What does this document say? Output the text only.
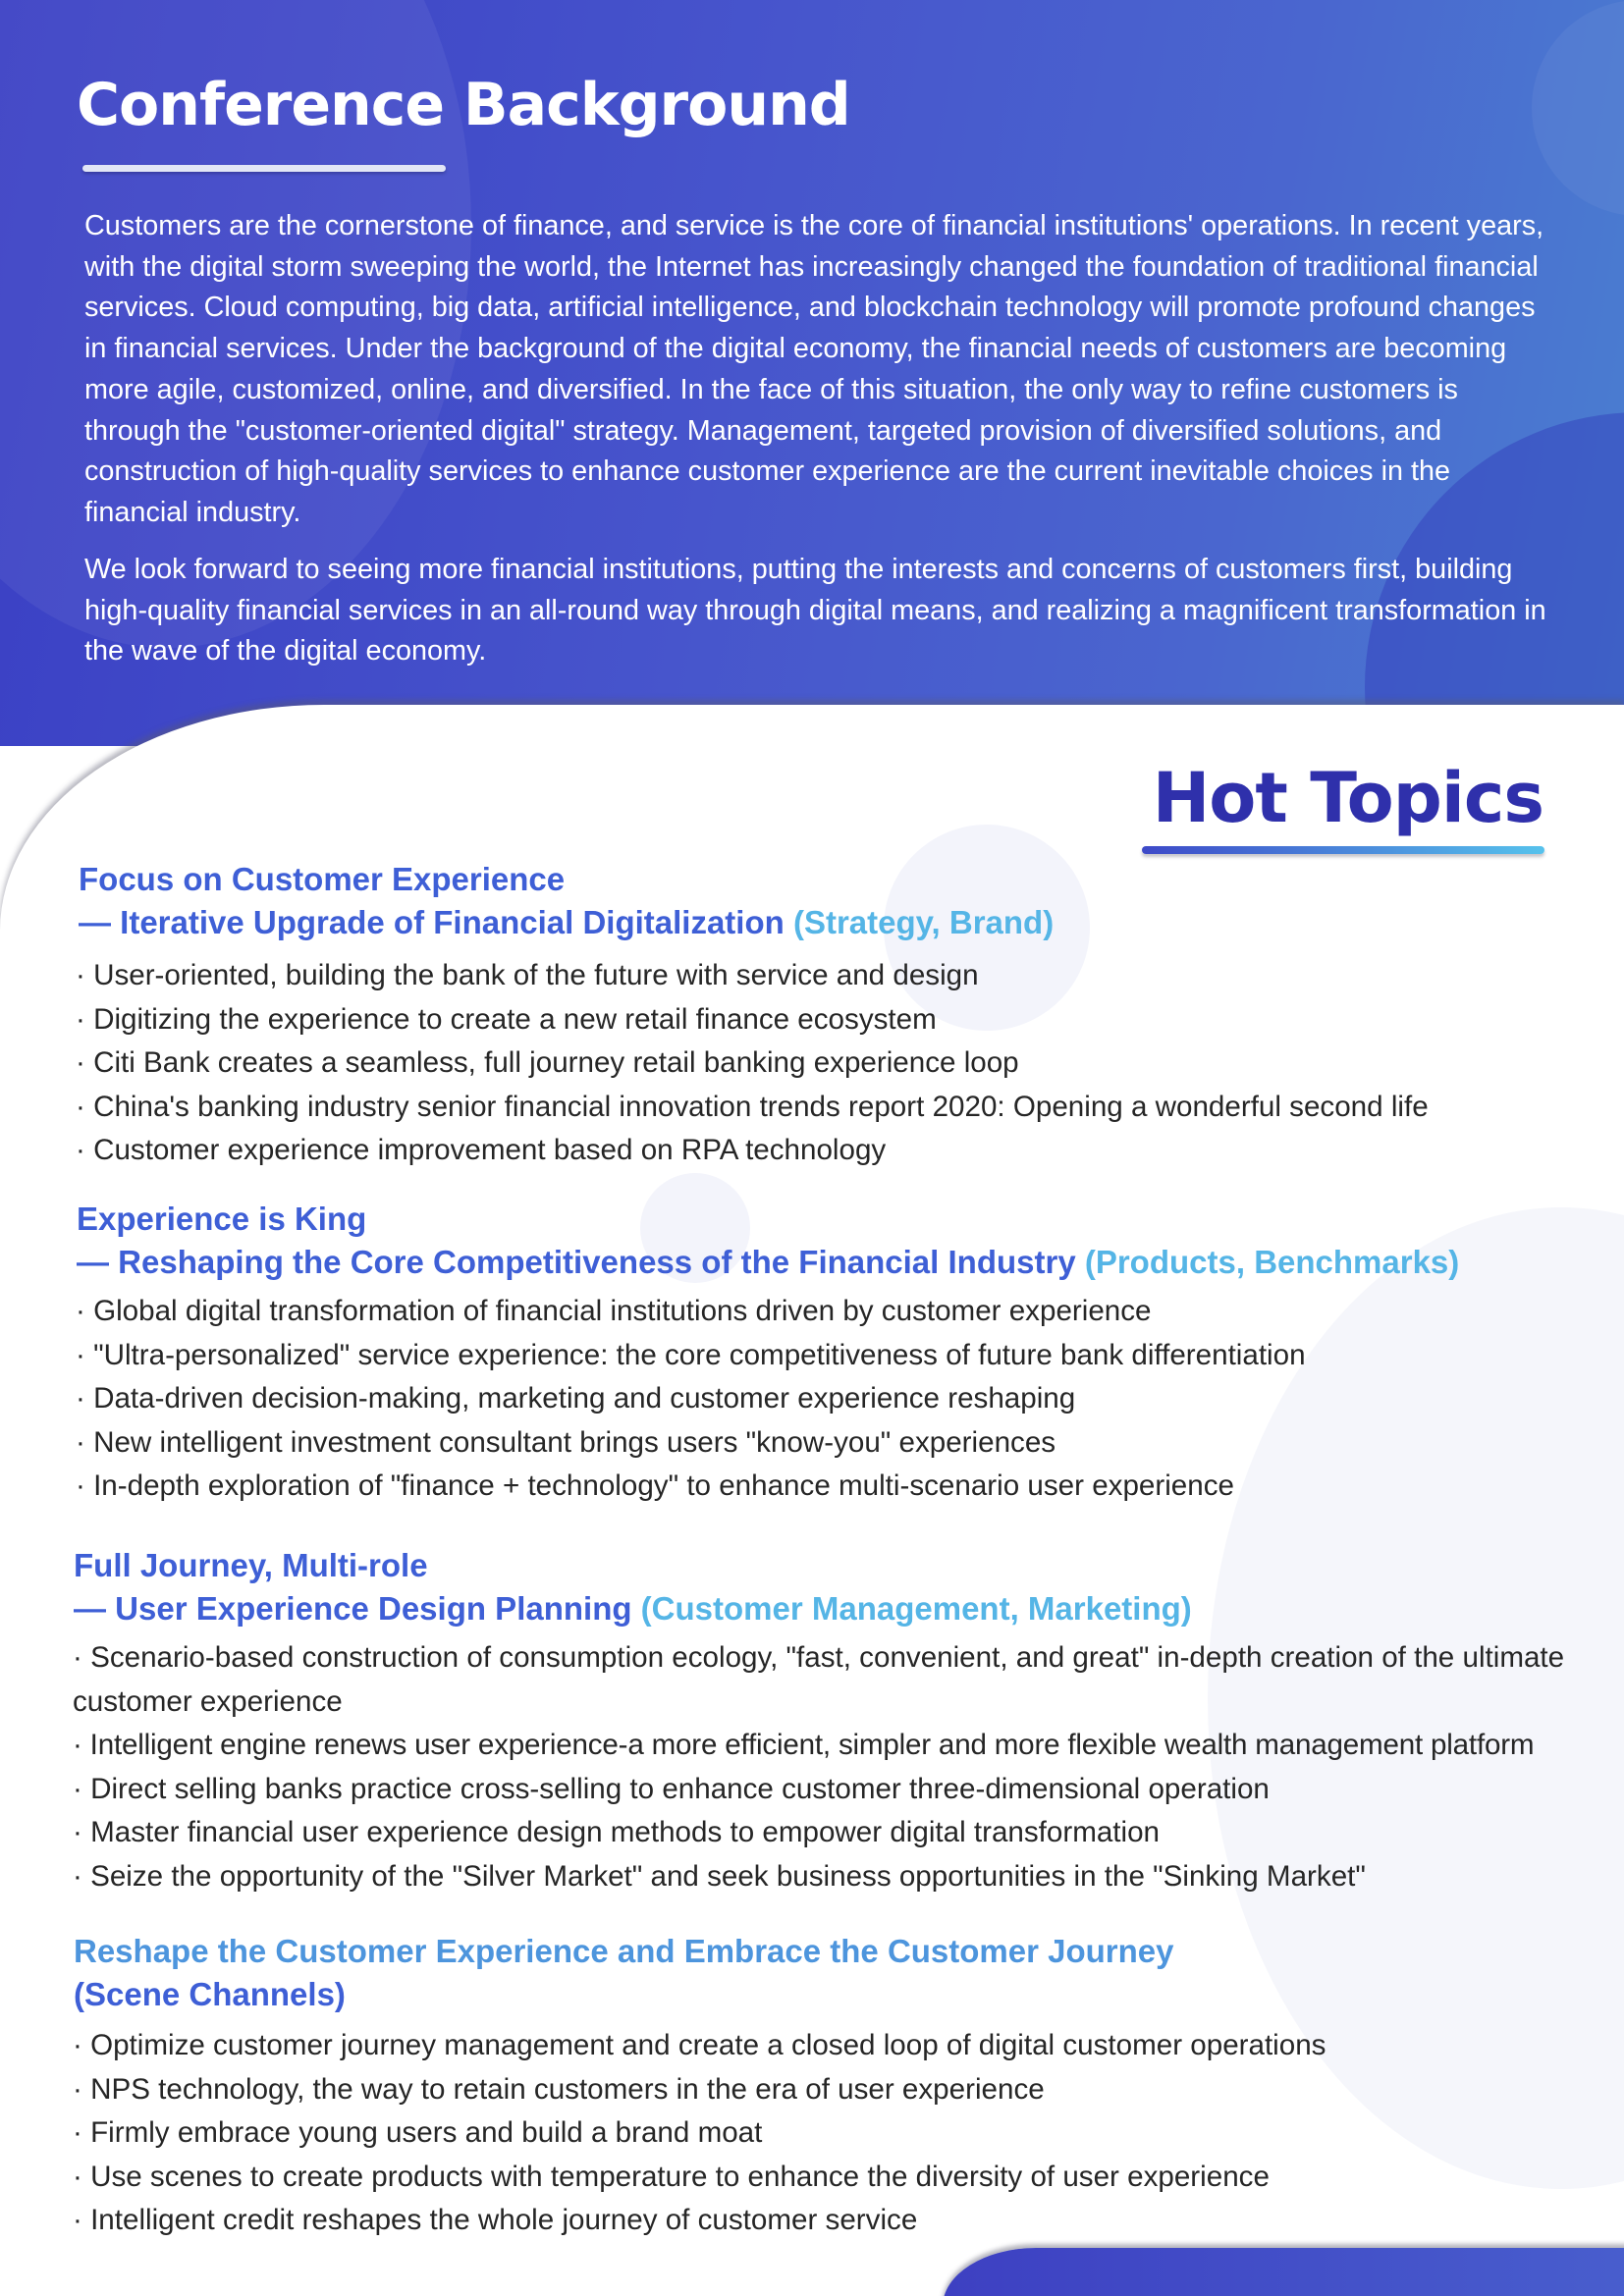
Conference Background

Customers are the cornerstone of finance, and service is the core of financial institutions' operations. In recent years, with the digital storm sweeping the world, the Internet has increasingly changed the foundation of traditional financial services. Cloud computing, big data, artificial intelligence, and blockchain technology will promote profound changes in financial services. Under the background of the digital economy, the financial needs of customers are becoming more agile, customized, online, and diversified. In the face of this situation, the only way to refine customers is through the "customer-oriented digital" strategy. Management, targeted provision of diversified solutions, and construction of high-quality services to enhance customer experience are the current inevitable choices in the financial industry.

We look forward to seeing more financial institutions, putting the interests and concerns of customers first, building high-quality financial services in an all-round way through digital means, and realizing a magnificent transformation in the wave of the digital economy.

Hot Topics
Focus on Customer Experience
— Iterative Upgrade of Financial Digitalization (Strategy, Brand)
· User-oriented, building the bank of the future with service and design
· Digitizing the experience to create a new retail finance ecosystem
· Citi Bank creates a seamless, full journey retail banking experience loop
· China's banking industry senior financial innovation trends report 2020: Opening a wonderful second life
· Customer experience improvement based on RPA technology
Experience is King
— Reshaping the Core Competitiveness of the Financial Industry (Products, Benchmarks)
· Global digital transformation of financial institutions driven by customer experience
· "Ultra-personalized" service experience: the core competitiveness of future bank differentiation
· Data-driven decision-making, marketing and customer experience reshaping
· New intelligent investment consultant brings users "know-you" experiences
· In-depth exploration of "finance + technology" to enhance multi-scenario user experience
Full Journey, Multi-role
— User Experience Design Planning (Customer Management, Marketing)
· Scenario-based construction of consumption ecology, "fast, convenient, and great" in-depth creation of the ultimate customer experience
· Intelligent engine renews user experience-a more efficient, simpler and more flexible wealth management platform
· Direct selling banks practice cross-selling to enhance customer three-dimensional operation
· Master financial user experience design methods to empower digital transformation
· Seize the opportunity of the "Silver Market" and seek business opportunities in the "Sinking Market"
Reshape the Customer Experience and Embrace the Customer Journey
(Scene Channels)
· Optimize customer journey management and create a closed loop of digital customer operations
· NPS technology, the way to retain customers in the era of user experience
· Firmly embrace young users and build a brand moat
· Use scenes to create products with temperature to enhance the diversity of user experience
· Intelligent credit reshapes the whole journey of customer service
